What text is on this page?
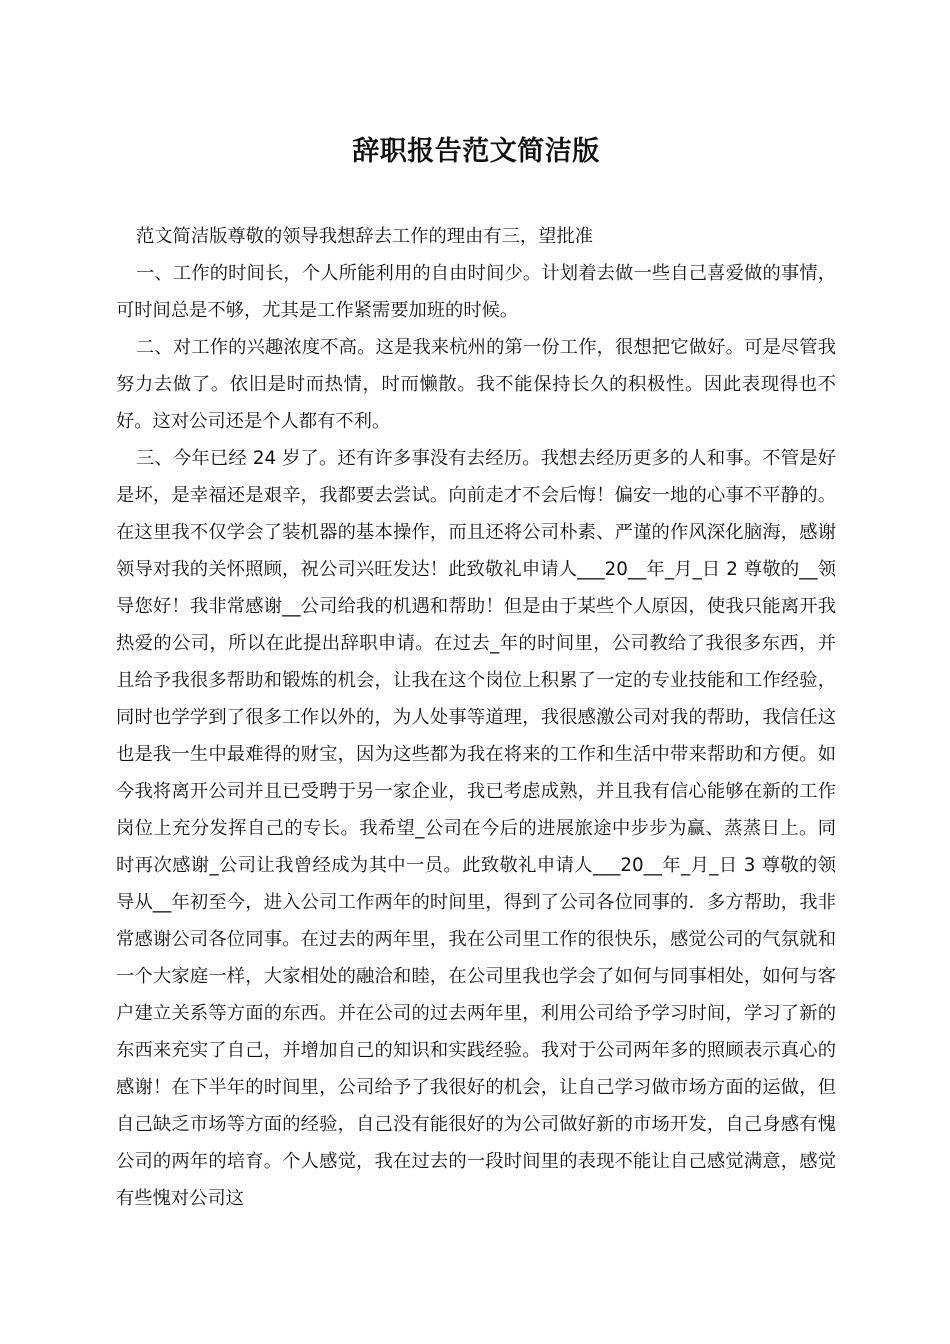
辞职报告范文简洁版

范文简洁版尊敬的领导我想辞去工作的理由有三，望批准

一、工作的时间长，个人所能利用的自由时间少。计划着去做一些自己喜爱做的事情，可时间总是不够，尤其是工作紧需要加班的时候。

二、对工作的兴趣浓度不高。这是我来杭州的第一份工作，很想把它做好。可是尽管我努力去做了。依旧是时而热情，时而懒散。我不能保持长久的积极性。因此表现得也不好。这对公司还是个人都有不利。

三、今年已经 24 岁了。还有许多事没有去经历。我想去经历更多的人和事。不管是好是坏，是幸福还是艰辛，我都要去尝试。向前走才不会后悔！偏安一地的心事不平静的。在这里我不仅学会了装机器的基本操作，而且还将公司朴素、严谨的作风深化脑海，感谢领导对我的关怀照顾，祝公司兴旺发达！此致敬礼申请人___20__年_月_日 2 尊敬的__领导您好！我非常感谢__公司给我的机遇和帮助！但是由于某些个人原因，使我只能离开我热爱的公司，所以在此提出辞职申请。在过去_年的时间里，公司教给了我很多东西，并且给予我很多帮助和锻炼的机会，让我在这个岗位上积累了一定的专业技能和工作经验，同时也学学到了很多工作以外的，为人处事等道理，我很感激公司对我的帮助，我信任这也是我一生中最难得的财宝，因为这些都为我在将来的工作和生活中带来帮助和方便。如今我将离开公司并且已受聘于另一家企业，我已考虑成熟，并且我有信心能够在新的工作岗位上充分发挥自己的专长。我希望_公司在今后的进展旅途中步步为赢、蒸蒸日上。同时再次感谢_公司让我曾经成为其中一员。此致敬礼申请人___20__年_月_日 3 尊敬的领导从__年初至今，进入公司工作两年的时间里，得到了公司各位同事的．多方帮助，我非常感谢公司各位同事。在过去的两年里，我在公司里工作的很快乐，感觉公司的气氛就和一个大家庭一样，大家相处的融洽和睦，在公司里我也学会了如何与同事相处，如何与客户建立关系等方面的东西。并在公司的过去两年里，利用公司给予学习时间，学习了新的东西来充实了自己，并增加自己的知识和实践经验。我对于公司两年多的照顾表示真心的感谢！在下半年的时间里，公司给予了我很好的机会，让自己学习做市场方面的运做，但自己缺乏市场等方面的经验，自己没有能很好的为公司做好新的市场开发，自己身感有愧公司的两年的培育。个人感觉，我在过去的一段时间里的表现不能让自己感觉满意，感觉有些愧对公司这
